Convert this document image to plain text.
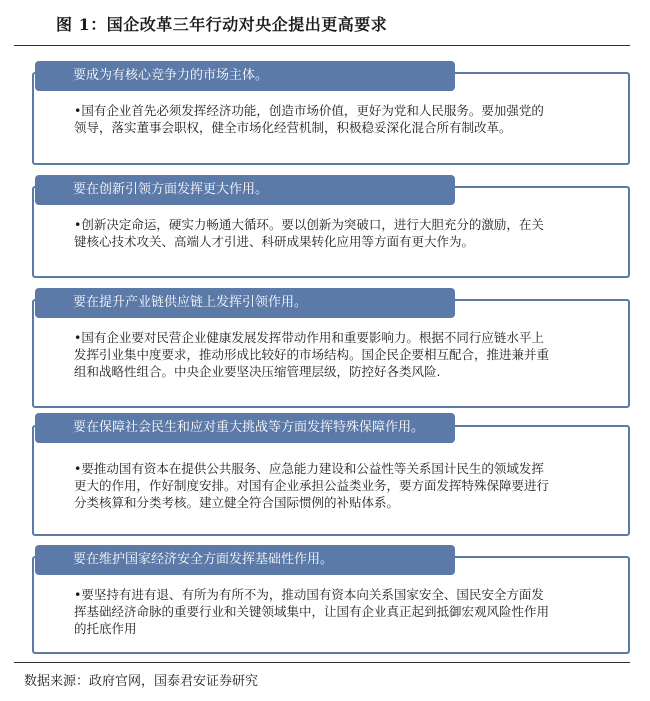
图 1：国企改革三年行动对央企提出更高要求
要成为有核心竞争力的市场主体。
•国有企业首先必须发挥经济功能，创造市场价值，更好为党和人民服务。要加强党的领导，落实董事会职权，健全市场化经营机制，积极稳妥深化混合所有制改革。
要在创新引领方面发挥更大作用。
•创新决定命运，硬实力畅通大循环。要以创新为突破口，进行大胆充分的激励，在关键核心技术攻关、高端人才引进、科研成果转化应用等方面有更大作为。
要在提升产业链供应链上发挥引领作用。
•国有企业要对民营企业健康发展发挥带动作用和重要影响力。根据不同行应链水平上发挥引业集中度要求，推动形成比较好的市场结构。国企民企要相互配合，推进兼并重组和战略性组合。中央企业要坚决压缩管理层级，防控好各类风险.
要在保障社会民生和应对重大挑战等方面发挥特殊保障作用。
•要推动国有资本在提供公共服务、应急能力建设和公益性等关系国计民生的领域发挥更大的作用，作好制度安排。对国有企业承担公益类业务，要方面发挥特殊保障要进行分类核算和分类考核。建立健全符合国际惯例的补贴体系。
要在维护国家经济安全方面发挥基础性作用。
•要坚持有进有退、有所为有所不为，推动国有资本向关系国家安全、国民安全方面发挥基础经济命脉的重要行业和关键领域集中，让国有企业真正起到抵御宏观风险性作用的托底作用
数据来源：政府官网，国泰君安证券研究
